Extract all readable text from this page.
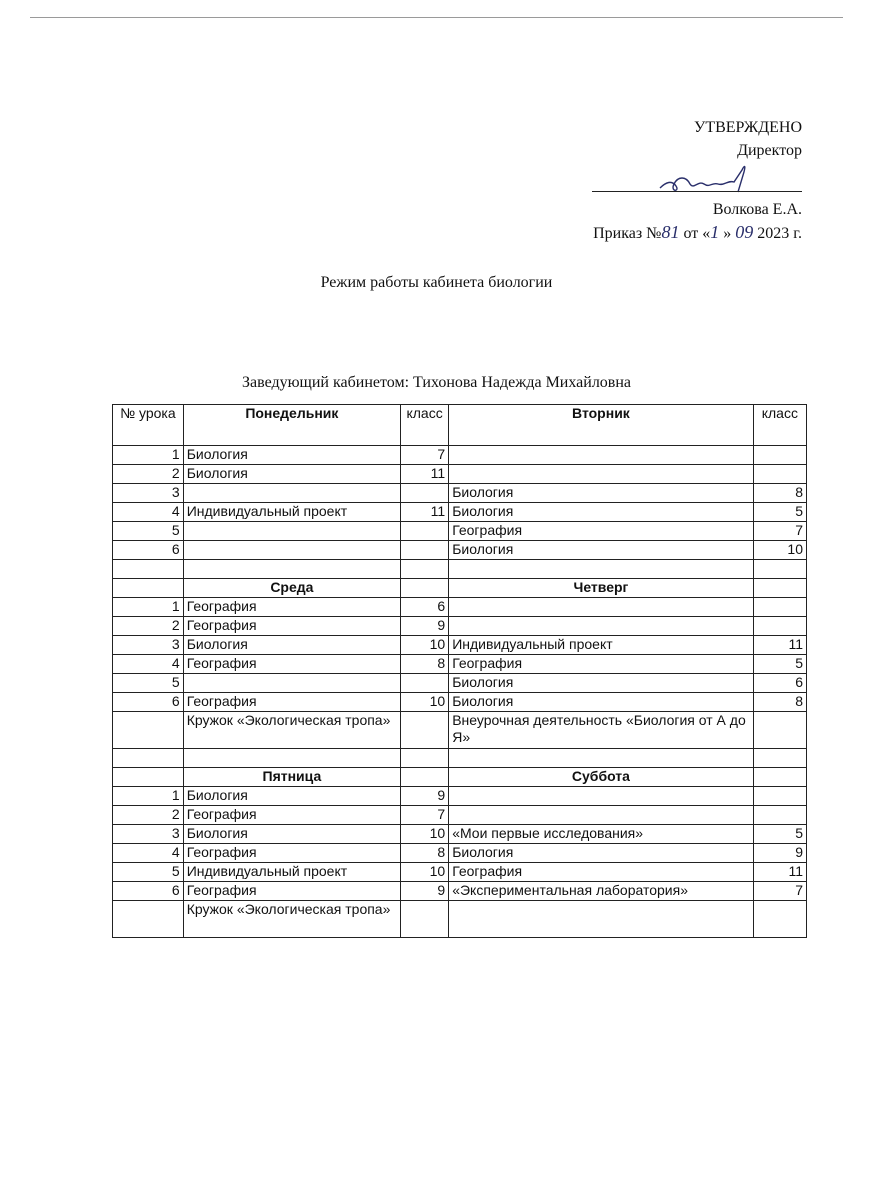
УТВЕРЖДЕНО
Директор
Волкова Е.А.
Приказ №81 от «1 » 09 2023 г.
Режим работы кабинета биологии
Заведующий кабинетом: Тихонова Надежда Михайловна
№ урока	Понедельник	класс	Вторник	класс
1	Биология	7		
2	Биология	11		
3			Биология	8
4	Индивидуальный проект	11	Биология	5
5			География	7
6			Биология	10

	Среда		Четверг	
1	География	6		
2	География	9		
3	Биология	10	Индивидуальный проект	11
4	География	8	География	5
5			Биология	6
6	География	10	Биология	8
	Кружок «Экологическая тропа»		Внеурочная деятельность «Биология от А до Я»	

	Пятница		Суббота	
1	Биология	9		
2	География	7		
3	Биология	10	«Мои первые исследования»	5
4	География	8	Биология	9
5	Индивидуальный проект	10	География	11
6	География	9	«Экспериментальная лаборатория»	7
	Кружок «Экологическая тропа»			
